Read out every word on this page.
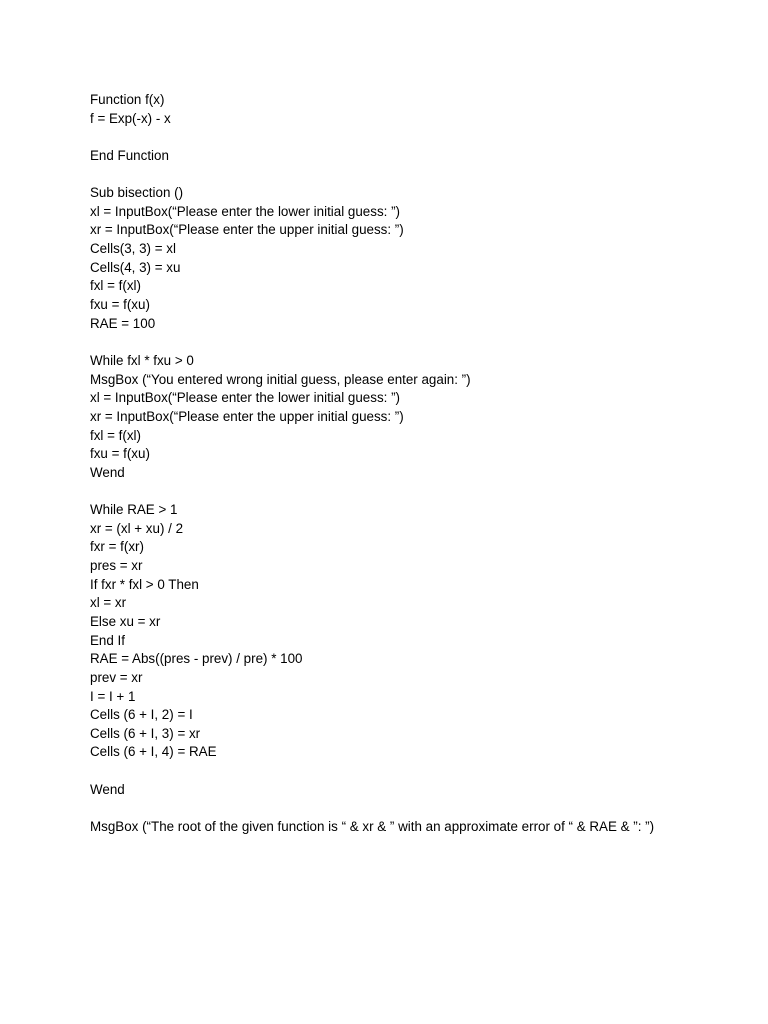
Function f(x)
f = Exp(-x) - x
End Function
Sub bisection ()
xl = InputBox(“Please enter the lower initial guess: ”)
xr = InputBox(“Please enter the upper initial guess: ”)
Cells(3, 3) = xl
Cells(4, 3) = xu
fxl = f(xl)
fxu = f(xu)
RAE = 100
While fxl * fxu > 0
MsgBox (“You entered wrong initial guess, please enter again: ”)
xl = InputBox(“Please enter the lower initial guess: ”)
xr = InputBox(“Please enter the upper initial guess: ”)
fxl = f(xl)
fxu = f(xu)
Wend
While RAE > 1
xr = (xl + xu) / 2
fxr = f(xr)
pres = xr
If fxr * fxl > 0 Then
xl = xr
Else xu = xr
End If
RAE = Abs((pres - prev) / pre) * 100
prev = xr
I = I + 1
Cells (6 + I, 2) = I
Cells (6 + I, 3) = xr
Cells (6 + I, 4) = RAE
Wend
MsgBox (“The root of the given function is “ & xr & ” with an approximate error of “ & RAE & ”: ”)
